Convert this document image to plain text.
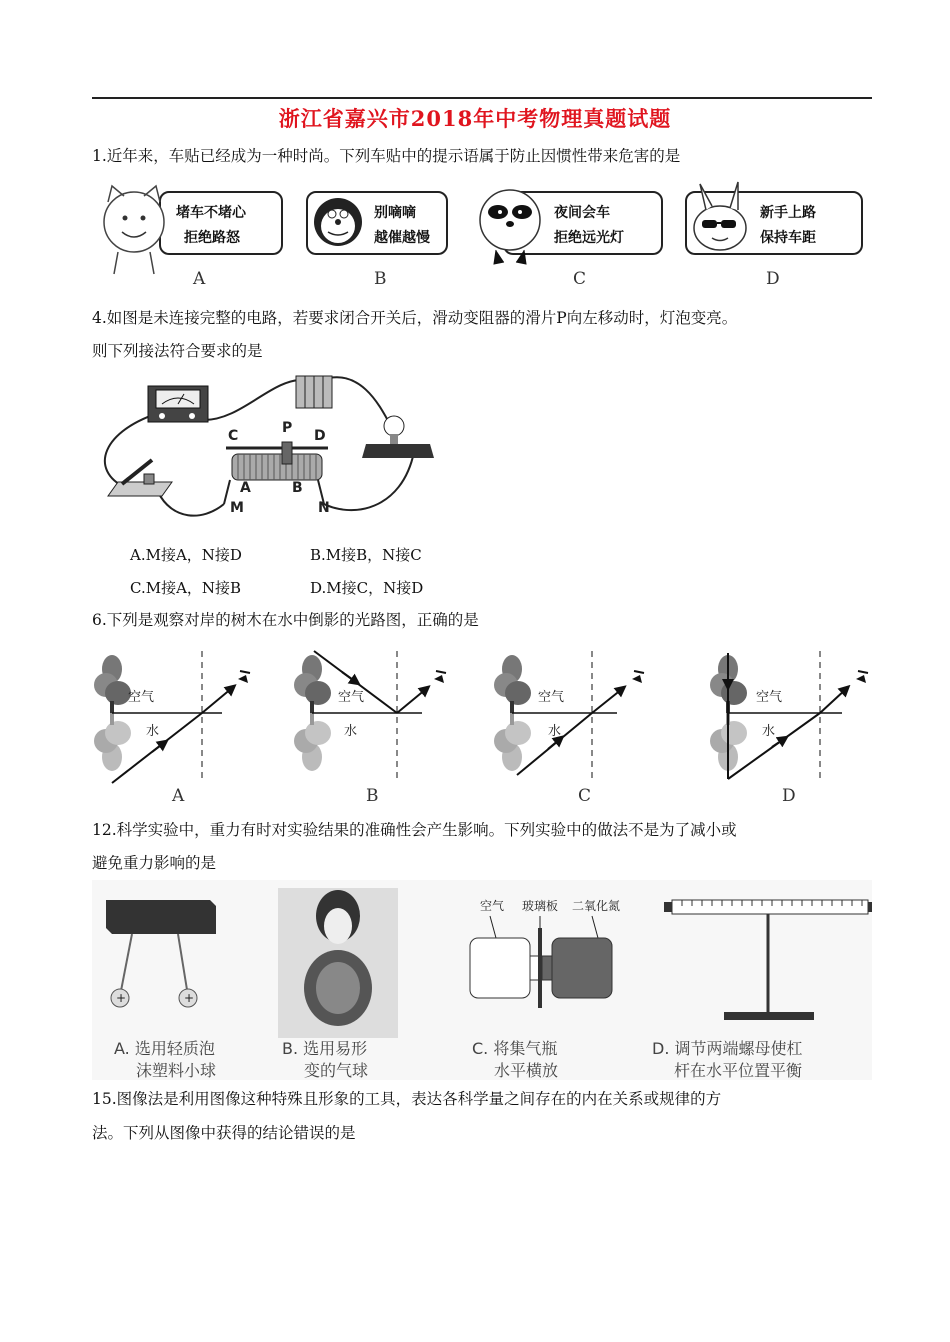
浙江省嘉兴市2018年中考物理真题试题
1.近年来，车贴已经成为一种时尚。下列车贴中的提示语属于防止因惯性带来危害的是
堵车不堵心
拒绝路怒
A
别嘀嘀
越催越慢
B
夜间会车
拒绝远光灯
C
新手上路
保持车距
D
4.如图是未连接完整的电路，若要求闭合开关后，滑动变阻器的滑片P向左移动时，灯泡变亮。
则下列接法符合要求的是
C	P D
A	B
M	N
A.M接A，N接D	B.M接B，N接C
C.M接A，N接B	D.M接C，N接D
6.下列是观察对岸的树木在水中倒影的光路图，正确的是
空气
水
A
空气
水
B
空气
水
C
空气
水
D
12.科学实验中，重力有时对实验结果的准确性会产生影响。下列实验中的做法不是为了减小或
避免重力影响的是
+	+
A. 选用轻质泡
沫塑料小球
B. 选用易形
变的气球
空气 玻璃板 二氧化氮
C. 将集气瓶
水平横放
D. 调节两端螺母使杠
杆在水平位置平衡
15.图像法是利用图像这种特殊且形象的工具，表达各科学量之间存在的内在关系或规律的方
法。下列从图像中获得的结论错误的是
